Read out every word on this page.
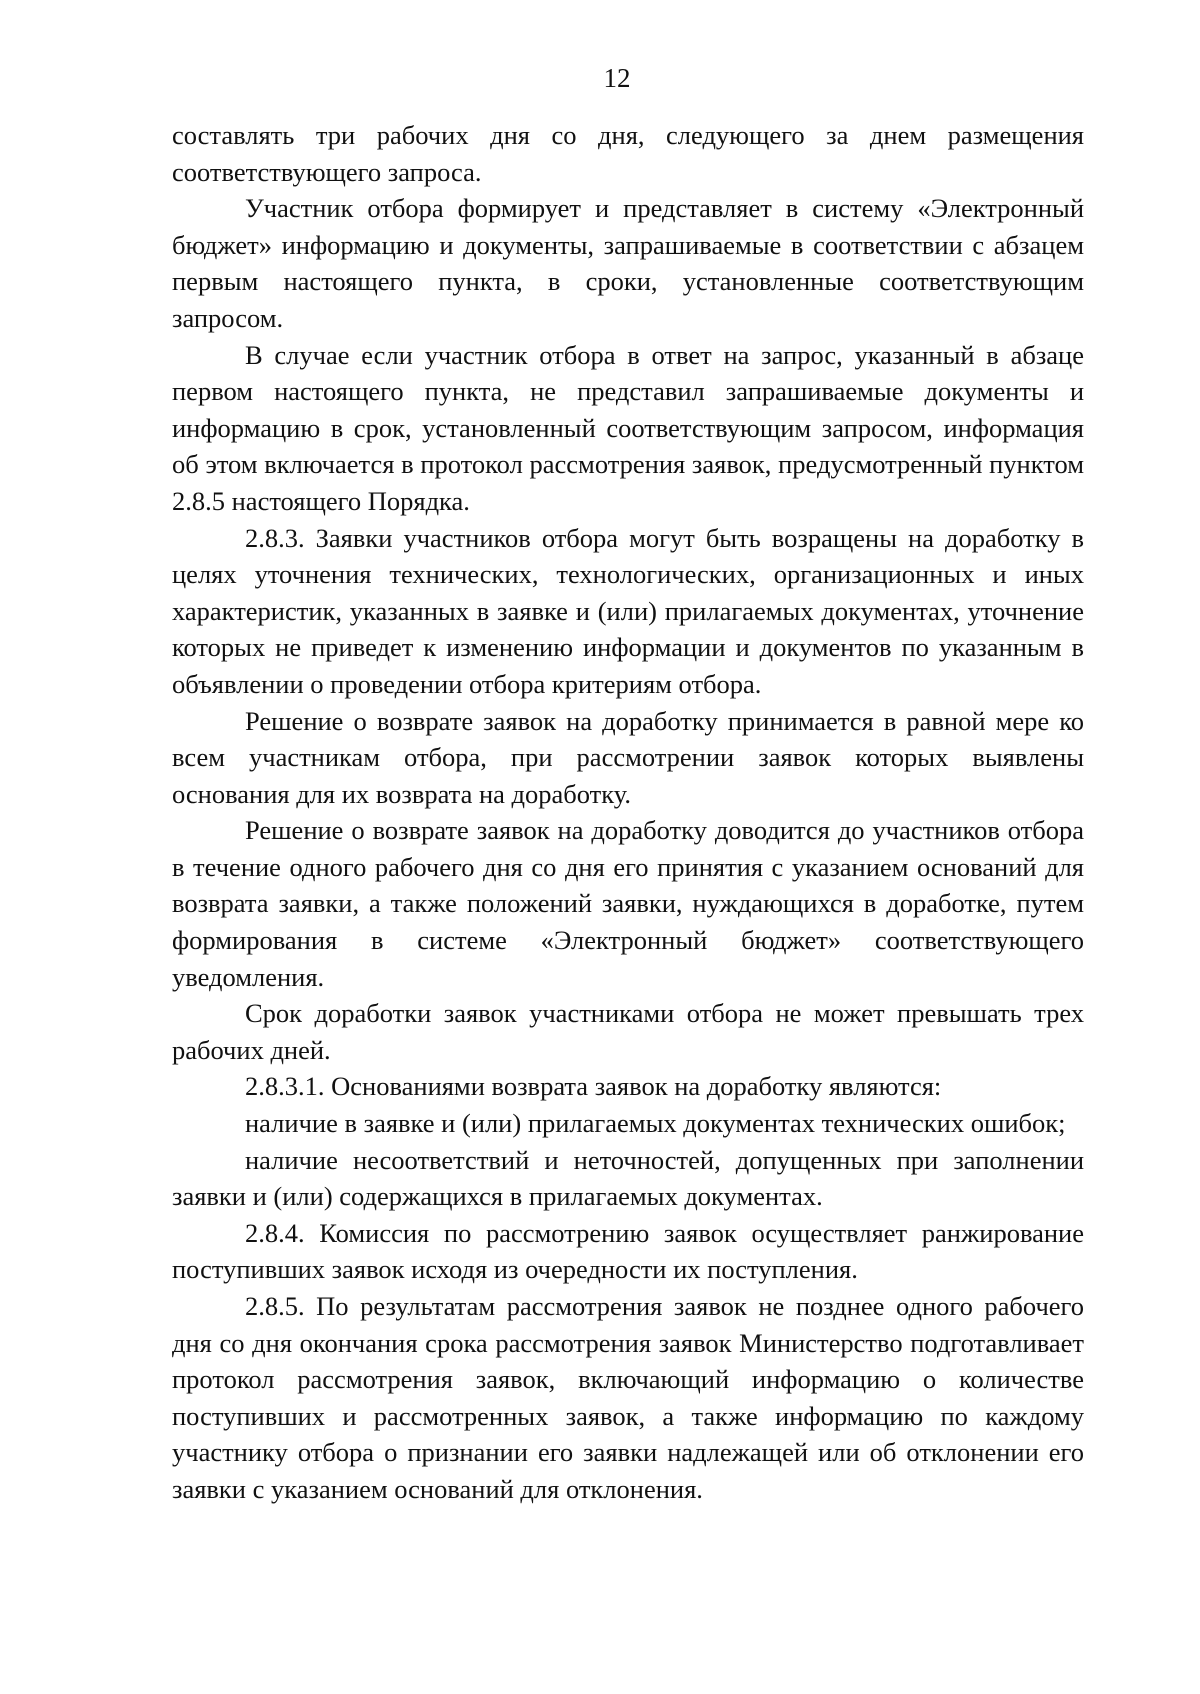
12

составлять три рабочих дня со дня, следующего за днем размещения соответствующего запроса.

Участник отбора формирует и представляет в систему «Электронный бюджет» информацию и документы, запрашиваемые в соответствии с абзацем первым настоящего пункта, в сроки, установленные соответствующим запросом.

В случае если участник отбора в ответ на запрос, указанный в абзаце первом настоящего пункта, не представил запрашиваемые документы и информацию в срок, установленный соответствующим запросом, информация об этом включается в протокол рассмотрения заявок, предусмотренный пунктом 2.8.5 настоящего Порядка.

2.8.3. Заявки участников отбора могут быть возращены на доработку в целях уточнения технических, технологических, организационных и иных характеристик, указанных в заявке и (или) прилагаемых документах, уточнение которых не приведет к изменению информации и документов по указанным в объявлении о проведении отбора критериям отбора.

Решение о возврате заявок на доработку принимается в равной мере ко всем участникам отбора, при рассмотрении заявок которых выявлены основания для их возврата на доработку.

Решение о возврате заявок на доработку доводится до участников отбора в течение одного рабочего дня со дня его принятия с указанием оснований для возврата заявки, а также положений заявки, нуждающихся в доработке, путем формирования в системе «Электронный бюджет» соответствующего уведомления.

Срок доработки заявок участниками отбора не может превышать трех рабочих дней.

2.8.3.1. Основаниями возврата заявок на доработку являются:

наличие в заявке и (или) прилагаемых документах технических ошибок;

наличие несоответствий и неточностей, допущенных при заполнении заявки и (или) содержащихся в прилагаемых документах.

2.8.4. Комиссия по рассмотрению заявок осуществляет ранжирование поступивших заявок исходя из очередности их поступления.

2.8.5. По результатам рассмотрения заявок не позднее одного рабочего дня со дня окончания срока рассмотрения заявок Министерство подготавливает протокол рассмотрения заявок, включающий информацию о количестве поступивших и рассмотренных заявок, а также информацию по каждому участнику отбора о признании его заявки надлежащей или об отклонении его заявки с указанием оснований для отклонения.
